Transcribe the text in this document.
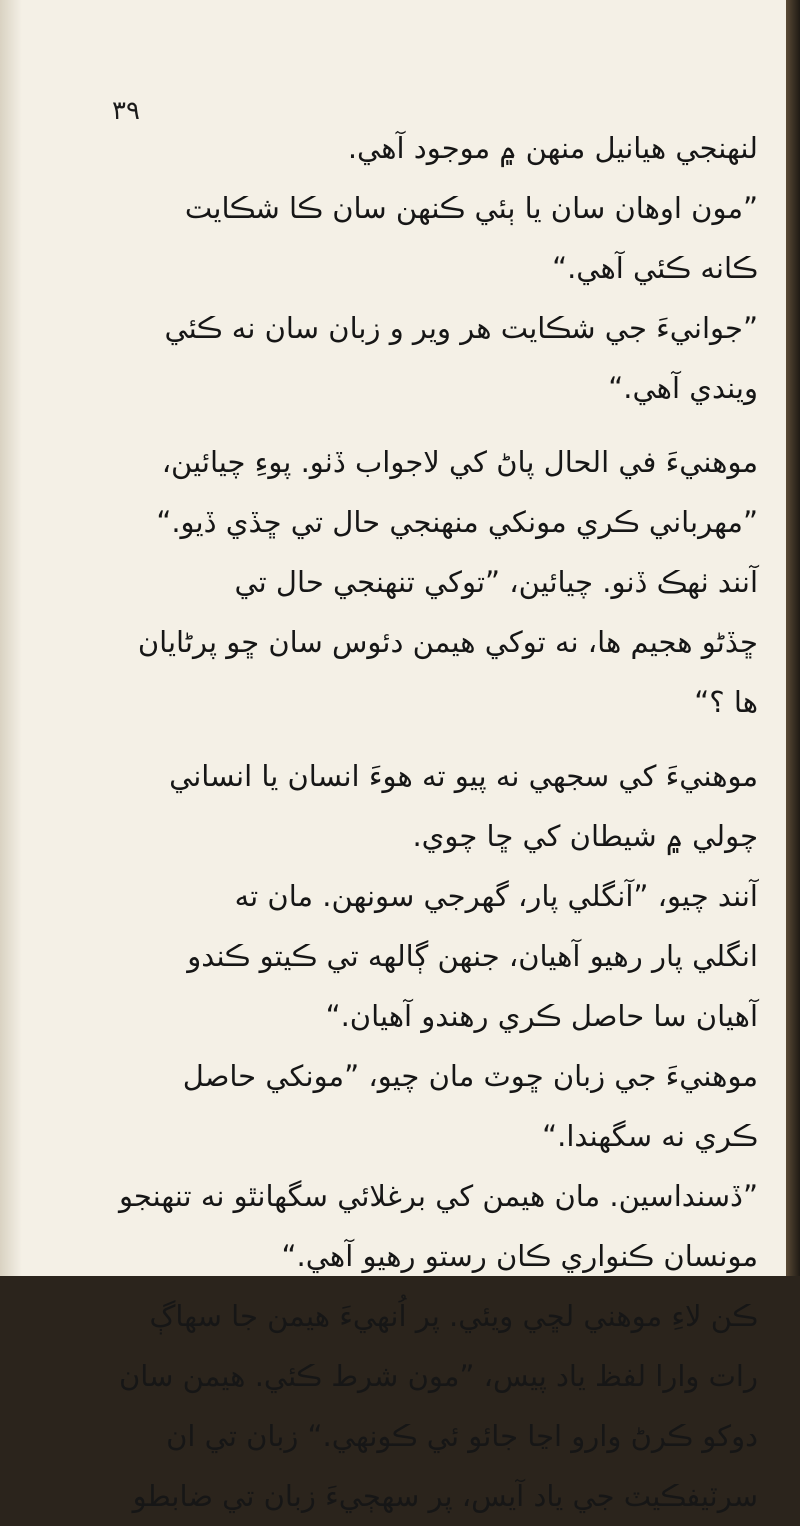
٣٩
لنهنجي هيانيل منهن ۾ موجود آهي.
”مون اوهان سان يا ٻئي ڪنهن سان ڪا شڪايت
ڪانه ڪئي آهي.“
”جوانيءَ جي شڪايت هر وير و زبان سان نه ڪئي
ويندي آهي.“
موهنيءَ في الحال پاڻ کي لاجواب ڏٺو. پوءِ چيائين،
”مهرباني ڪري مونکي منهنجي حال تي ڇڏي ڏيو.“
آنند ٺهڪ ڏنو. چيائين، ”توکي تنهنجي حال تي
ڇڏڻو هجيم ها، نه توکي هيمن دئوس سان ڇو پرڻايان
ها ؟“
موهنيءَ کي سجهي نه پيو ته هوءَ انسان يا انساني
چولي ۾ شيطان کي ڇا چوي.
آنند چيو، ”آنگلي پار، گهرجي سونهن. مان ته
انگلي پار رهيو آهيان، جنهن ڳالهه تي ڪيتو ڪندو
آهيان سا حاصل ڪري رهندو آهيان.“
موهنيءَ جي زبان ڇوٽ مان چيو، ”مونکي حاصل
ڪري نه سگهندا.“
”ڏسنداسين. مان هيمن کي برغلائي سگهانٿو نه تنهنجو
مونسان ڪنواري ڪان رستو رهيو آهي.“
ڪن لاءِ موهني لڇي ويئي. پر اُنهيءَ هيمن جا سهاڳ
رات وارا لفظ ياد پيس، ”مون شرط ڪئي. هيمن سان
دوکو ڪرڻ وارو اڃا جائو ئي ڪونهي.“ زبان تي ان
سرٽيفڪيٽ جي ياد آيس، پر سهڄيءَ زبان تي ضابطو
